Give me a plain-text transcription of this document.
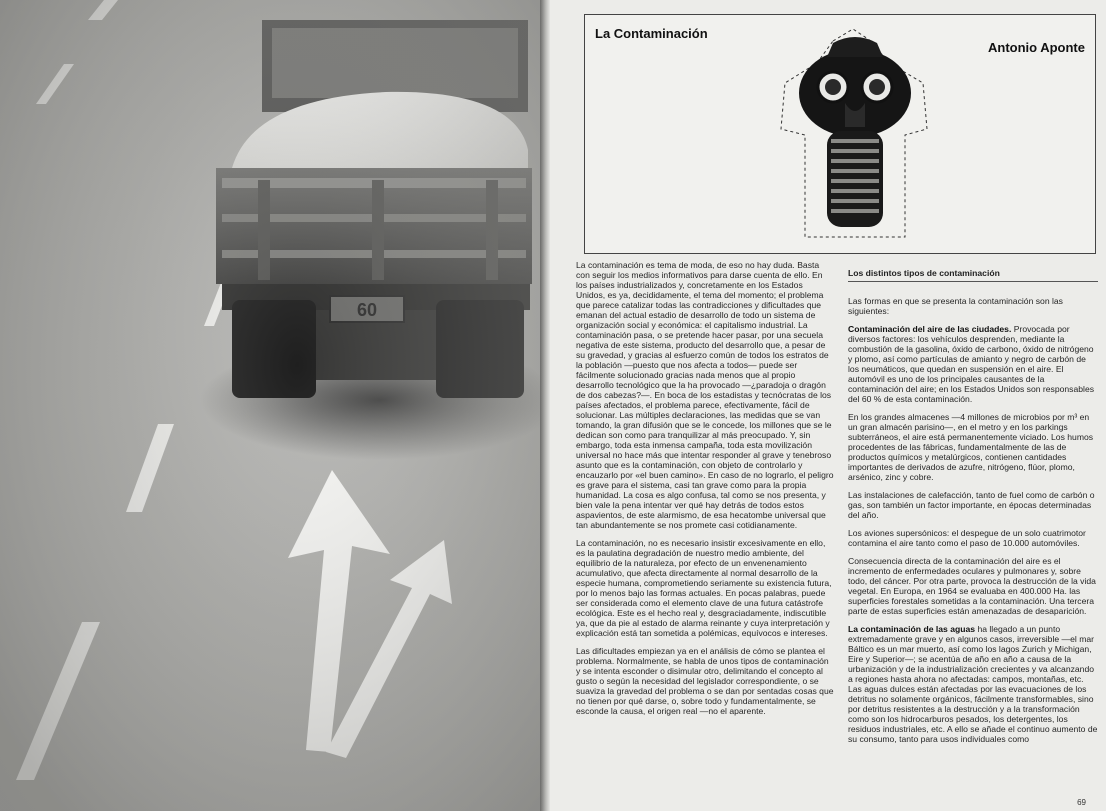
La Contaminación
Antonio Aponte

La contaminación es tema de moda, de eso no hay duda. Basta con seguir los medios informativos para darse cuenta de ello. En los países industrializados y, concretamente en los Estados Unidos, es ya, decididamente, el tema del momento; el problema que parece catalizar todas las contradicciones y dificultades que emanan del actual estadio de desarrollo de todo un sistema de organización social y económica: el capitalismo industrial. La contaminación pasa, o se pretende hacer pasar, por una secuela negativa de este sistema, producto del desarrollo que, a pesar de su gravedad, y gracias al esfuerzo común de todos los estratos de la población —puesto que nos afecta a todos— puede ser fácilmente solucionado gracias nada menos que al propio desarrollo tecnológico que la ha provocado —¿paradoja o dragón de dos cabezas?—. En boca de los estadistas y tecnócratas de los países afectados, el problema parece, efectivamente, fácil de solucionar. Las múltiples declaraciones, las medidas que se van tomando, la gran difusión que se le concede, los millones que se le dedican son como para tranquilizar al más preocupado. Y, sin embargo, toda esta inmensa campaña, toda esta movilización universal no hace más que intentar responder al grave y tenebroso asunto que es la contaminación, con objeto de controlarlo y encauzarlo por «el buen camino». En caso de no lograrlo, el peligro es grave para el sistema, casi tan grave como para la propia humanidad. La cosa es algo confusa, tal como se nos presenta, y bien vale la pena intentar ver qué hay detrás de todos estos aspavientos, de este alarmismo, de esa hecatombe universal que tan abundantemente se nos promete casi cotidianamente.

La contaminación, no es necesario insistir excesivamente en ello, es la paulatina degradación de nuestro medio ambiente, del equilibrio de la naturaleza, por efecto de un envenenamiento acumulativo, que afecta directamente al normal desarrollo de la especie humana, comprometiendo seriamente su existencia futura, por lo menos bajo las formas actuales. En pocas palabras, puede ser considerada como el elemento clave de una futura catástrofe ecológica. Este es el hecho real y, desgraciadamente, indiscutible ya, que da pie al estado de alarma reinante y cuya interpretación y explicación está tan sometida a polémicas, equívocos e intereses.

Las dificultades empiezan ya en el análisis de cómo se plantea el problema. Normalmente, se habla de unos tipos de contaminación y se intenta esconder o disimular otro, delimitando el concepto al gusto o según la necesidad del legislador correspondiente, o se suaviza la gravedad del problema o se dan por sentadas cosas que no tienen por qué darse, o, sobre todo y fundamentalmente, se esconde la causa, el origen real —no el aparente.

Los distintos tipos de contaminación

Las formas en que se presenta la contaminación son las siguientes:

Contaminación del aire de las ciudades. Provocada por diversos factores: los vehículos desprenden, mediante la combustión de la gasolina, óxido de carbono, óxido de nitrógeno y plomo, así como partículas de amianto y negro de carbón de los neumáticos, que quedan en suspensión en el aire. El automóvil es uno de los principales causantes de la contaminación del aire; en los Estados Unidos son responsables del 60 % de esta contaminación.

En los grandes almacenes —4 millones de microbios por m³ en un gran almacén parisino—, en el metro y en los parkings subterráneos, el aire está permanentemente viciado. Los humos procedentes de las fábricas, fundamentalmente de las de productos químicos y metalúrgicos, contienen cantidades importantes de derivados de azufre, nitrógeno, flúor, plomo, arsénico, zinc y cobre.

Las instalaciones de calefacción, tanto de fuel como de carbón o gas, son también un factor importante, en épocas determinadas del año.

Los aviones supersónicos: el despegue de un solo cuatrimotor contamina el aire tanto como el paso de 10.000 automóviles.

Consecuencia directa de la contaminación del aire es el incremento de enfermedades oculares y pulmonares y, sobre todo, del cáncer. Por otra parte, provoca la destrucción de la vida vegetal. En Europa, en 1964 se evaluaba en 400.000 Ha. las superficies forestales sometidas a la contaminación. Una tercera parte de estas superficies están amenazadas de desaparición.

La contaminación de las aguas ha llegado a un punto extremadamente grave y en algunos casos, irreversible —el mar Báltico es un mar muerto, así como los lagos Zurich y Michigan, Eire y Superior—; se acentúa de año en año a causa de la urbanización y de la industrialización crecientes y va alcanzando a regiones hasta ahora no afectadas: campos, montañas, etc.

Las aguas dulces están afectadas por las evacuaciones de los detritus no solamente orgánicos, fácilmente transformables, sino por detritus resistentes a la destrucción y a la transformación como son los hidrocarburos pesados, los detergentes, los residuos industriales, etc. A ello se añade el continuo aumento de su consumo, tanto para usos individuales como

69
